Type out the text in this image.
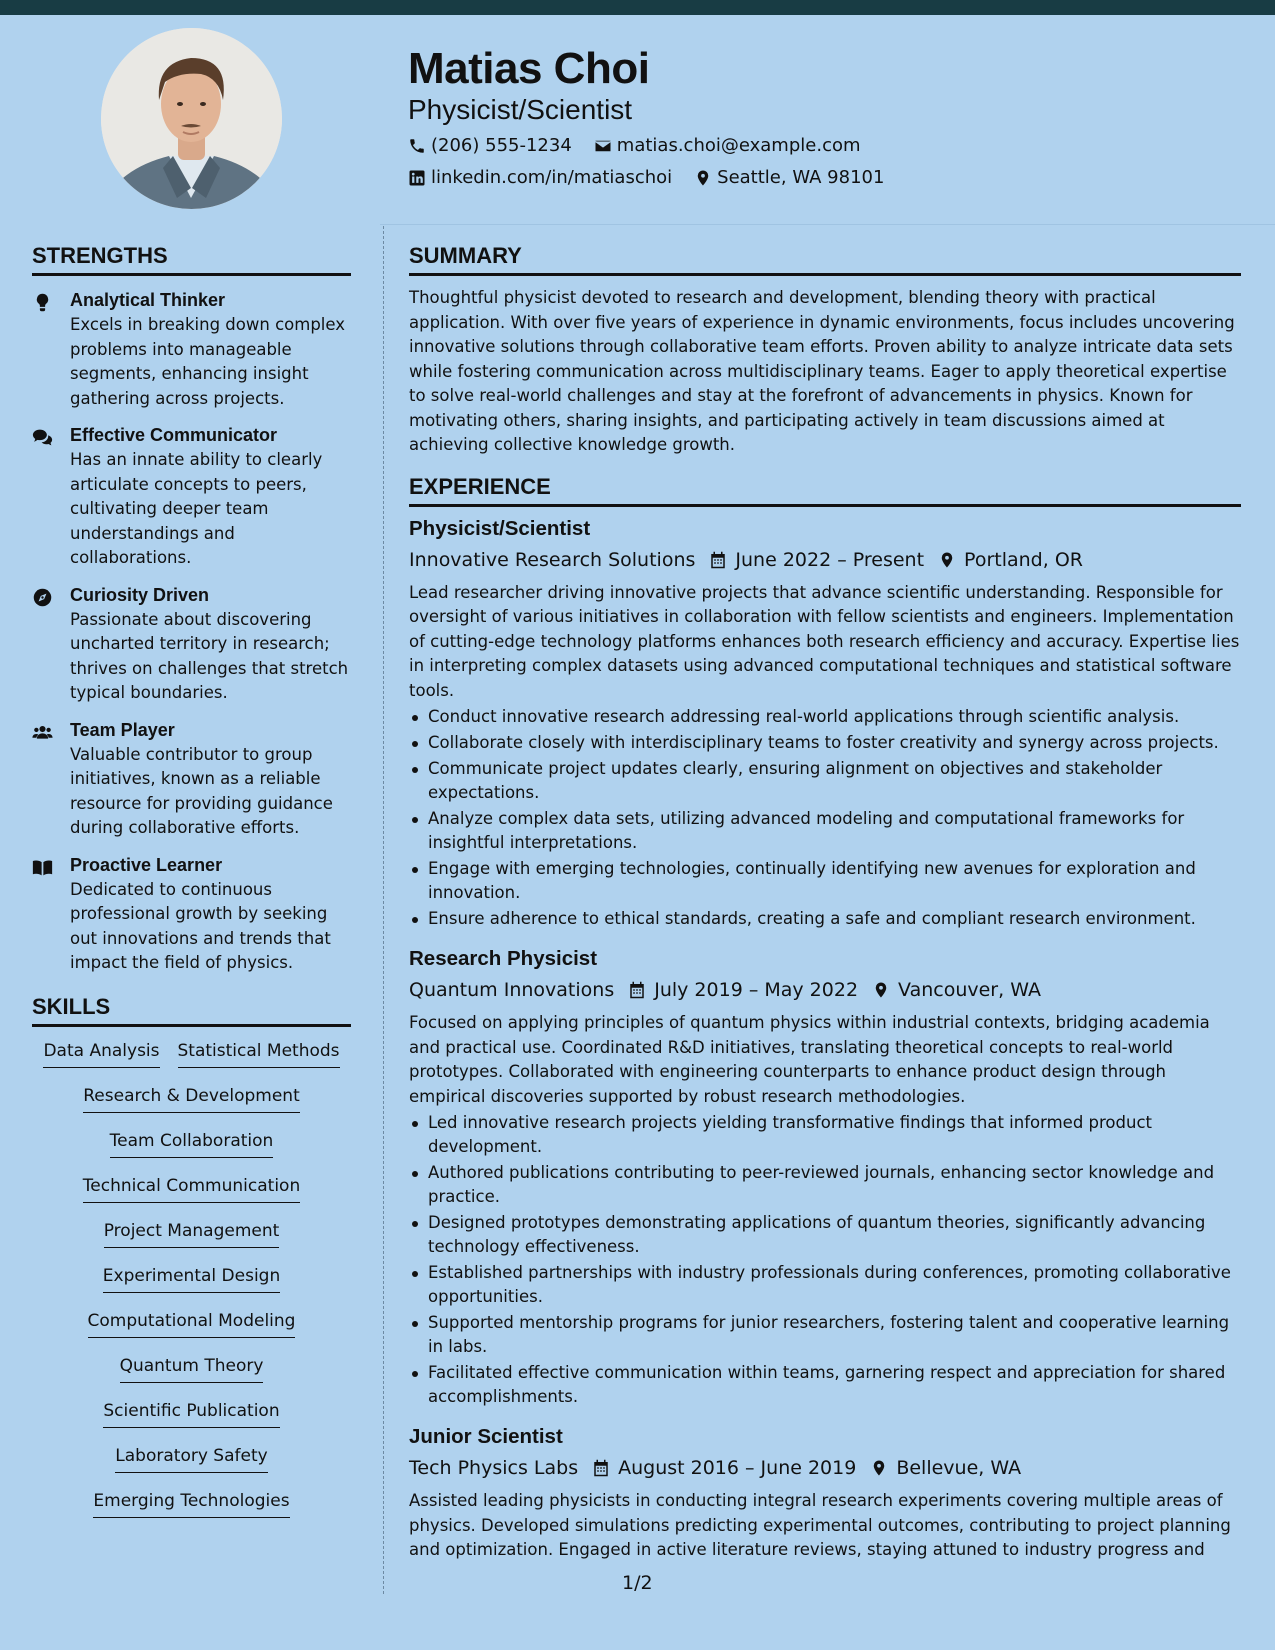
Matias Choi
Physicist/Scientist
(206) 555-1234	matias.choi@example.com
linkedin.com/in/matiaschoi	Seattle, WA 98101
STRENGTHS
Analytical Thinker
Excels in breaking down complex problems into manageable segments, enhancing insight gathering across projects.
Effective Communicator
Has an innate ability to clearly articulate concepts to peers, cultivating deeper team understandings and collaborations.
Curiosity Driven
Passionate about discovering uncharted territory in research; thrives on challenges that stretch typical boundaries.
Team Player
Valuable contributor to group initiatives, known as a reliable resource for providing guidance during collaborative efforts.
Proactive Learner
Dedicated to continuous professional growth by seeking out innovations and trends that impact the field of physics.
SKILLS
Data Analysis Statistical Methods
Research & Development
Team Collaboration
Technical Communication
Project Management
Experimental Design
Computational Modeling
Quantum Theory
Scientific Publication
Laboratory Safety
Emerging Technologies
SUMMARY

Thoughtful physicist devoted to research and development, blending theory with practical application. With over five years of experience in dynamic environments, focus includes uncovering innovative solutions through collaborative team efforts. Proven ability to analyze intricate data sets while fostering communication across multidisciplinary teams. Eager to apply theoretical expertise to solve real-world challenges and stay at the forefront of advancements in physics. Known for motivating others, sharing insights, and participating actively in team discussions aimed at achieving collective knowledge growth.

EXPERIENCE
Physicist/Scientist
Innovative Research Solutions June 2022 – Present Portland, OR

Lead researcher driving innovative projects that advance scientific understanding. Responsible for oversight of various initiatives in collaboration with fellow scientists and engineers. Implementation of cutting-edge technology platforms enhances both research efficiency and accuracy. Expertise lies in interpreting complex datasets using advanced computational techniques and statistical software tools.

Conduct innovative research addressing real-world applications through scientific analysis.
Collaborate closely with interdisciplinary teams to foster creativity and synergy across projects.
Communicate project updates clearly, ensuring alignment on objectives and stakeholder expectations.
Analyze complex data sets, utilizing advanced modeling and computational frameworks for insightful interpretations.
Engage with emerging technologies, continually identifying new avenues for exploration and innovation.
Ensure adherence to ethical standards, creating a safe and compliant research environment.
Research Physicist
Quantum Innovations July 2019 – May 2022 Vancouver, WA

Focused on applying principles of quantum physics within industrial contexts, bridging academia and practical use. Coordinated R&D initiatives, translating theoretical concepts to real-world prototypes. Collaborated with engineering counterparts to enhance product design through empirical discoveries supported by robust research methodologies.

Led innovative research projects yielding transformative findings that informed product development.
Authored publications contributing to peer-reviewed journals, enhancing sector knowledge and practice.
Designed prototypes demonstrating applications of quantum theories, significantly advancing technology effectiveness.
Established partnerships with industry professionals during conferences, promoting collaborative opportunities.
Supported mentorship programs for junior researchers, fostering talent and cooperative learning in labs.
Facilitated effective communication within teams, garnering respect and appreciation for shared accomplishments.
Junior Scientist
Tech Physics Labs August 2016 – June 2019 Bellevue, WA

Assisted leading physicists in conducting integral research experiments covering multiple areas of physics. Developed simulations predicting experimental outcomes, contributing to project planning and optimization. Engaged in active literature reviews, staying attuned to industry progress and

1/2
